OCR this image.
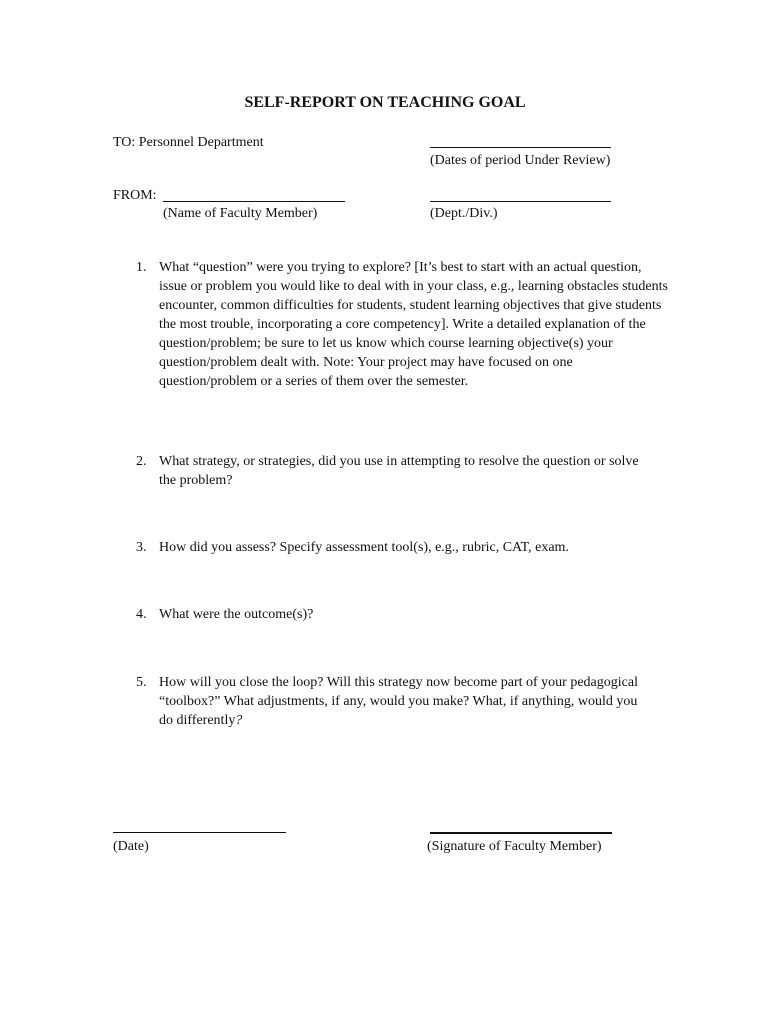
SELF-REPORT ON TEACHING GOAL
TO: Personnel Department
(Dates of period Under Review)
FROM:
(Name of Faculty Member)	(Dept./Div.)
1. What “question” were you trying to explore? [It’s best to start with an actual question, issue or problem you would like to deal with in your class, e.g., learning obstacles students encounter, common difficulties for students, student learning objectives that give students the most trouble, incorporating a core competency]. Write a detailed explanation of the question/problem; be sure to let us know which course learning objective(s) your question/problem dealt with. Note: Your project may have focused on one question/problem or a series of them over the semester.
2. What strategy, or strategies, did you use in attempting to resolve the question or solve the problem?
3. How did you assess? Specify assessment tool(s), e.g., rubric, CAT, exam.
4. What were the outcome(s)?
5. How will you close the loop? Will this strategy now become part of your pedagogical “toolbox?” What adjustments, if any, would you make? What, if anything, would you do differently?
(Date)	(Signature of Faculty Member)
